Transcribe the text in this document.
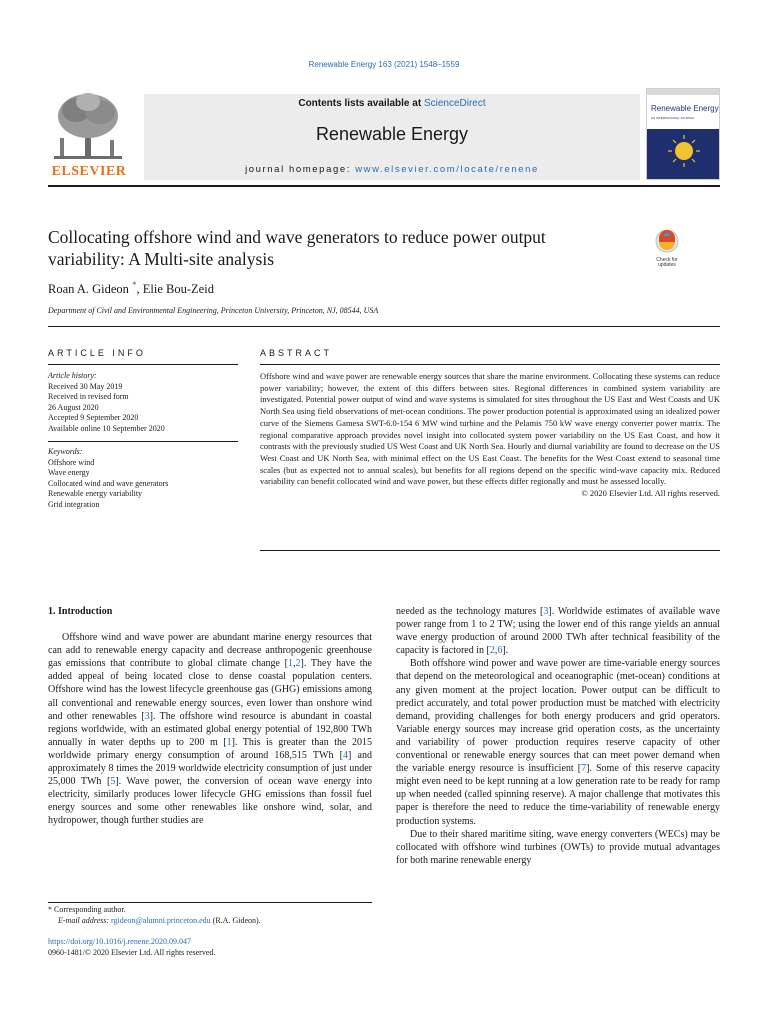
Renewable Energy 163 (2021) 1548–1559
ELSEVIER
Contents lists available at ScienceDirect
Renewable Energy
journal homepage: www.elsevier.com/locate/renene
Renewable Energy
AN INTERNATIONAL JOURNAL
Collocating offshore wind and wave generators to reduce power output variability: A Multi-site analysis	Check for
updates
Roan A. Gideon *, Elie Bou-Zeid
Department of Civil and Environmental Engineering, Princeton University, Princeton, NJ, 08544, USA
ARTICLE INFO	ABSTRACT
Article history:
Received 30 May 2019
Received in revised form
26 August 2020
Accepted 9 September 2020
Available online 10 September 2020
Keywords:
Offshore wind
Wave energy
Collocated wind and wave generators
Renewable energy variability
Grid integration

Offshore wind and wave power are renewable energy sources that share the marine environment. Collocating these systems can reduce power variability; however, the extent of this differs between sites. Regional differences in combined system variability are investigated. Potential power output of wind and wave systems is simulated for sites throughout the US East and West Coasts and UK North Sea using field observations of met-ocean conditions. The power production potential is approximated using an idealized power curve of the Siemens Gamesa SWT-6.0-154 6 MW wind turbine and the Pelamis 750 kW wave energy converter power matrix. The regional comparative approach provides novel insight into collocated system power variability on the US East Coast, and how it contrasts with the previously studied US West Coast and UK North Sea. Hourly and diurnal variability are found to decrease on the US West Coast and UK North Sea, with minimal effect on the US East Coast. The benefits for the West Coast extend to seasonal time scales (but as expected not to annual scales), but benefits for all regions depend on the specific wind-wave capacity mix. Reduced variability can benefit collocated wind and wave power, but these effects differ regionally and must be assessed locally.

© 2020 Elsevier Ltd. All rights reserved.

1. Introduction

Offshore wind and wave power are abundant marine energy resources that can add to renewable energy capacity and decrease anthropogenic greenhouse gas emissions that contribute to global climate change [1,2]. They have the added appeal of being located close to dense coastal population centers. Offshore wind has the lowest lifecycle greenhouse gas (GHG) emissions among all conventional and renewable energy sources, even lower than onshore wind and other renewables [3]. The offshore wind resource is abundant in coastal regions worldwide, with an estimated global energy potential of 192,800 TWh annually in water depths up to 200 m [1]. This is greater than the 2015 worldwide primary energy consumption of around 168,515 TWh [4] and approximately 8 times the 2019 worldwide electricity consumption of just under 25,000 TWh [5]. Wave power, the conversion of ocean wave energy into electricity, similarly produces lower lifecycle GHG emissions than fossil fuel energy sources and some other renewables like onshore wind, solar, and hydropower, though further studies are

needed as the technology matures [3]. Worldwide estimates of available wave power range from 1 to 2 TW; using the lower end of this range yields an annual wave energy production of around 2000 TWh after technical feasibility of the capacity is factored in [2,6].

Both offshore wind power and wave power are time-variable energy sources that depend on the meteorological and oceanographic (met-ocean) conditions at any given moment at the project location. Power output can be difficult to predict accurately, and total power production must be matched with electricity demand, providing challenges for both energy producers and grid operators. Variable energy sources may increase grid operation costs, as the uncertainty and variability of power production requires reserve capacity of other conventional or renewable energy sources that can meet power demand when the variable energy resource is insufficient [7]. Some of this reserve capacity might even need to be kept running at a low generation rate to be ready for ramp up when needed (called spinning reserve). A major challenge that motivates this paper is therefore the need to reduce the time-variability of renewable energy production systems.

Due to their shared maritime siting, wave energy converters (WECs) may be collocated with offshore wind turbines (OWTs) to provide mutual advantages for both marine renewable energy

* Corresponding author.
E-mail address: rgideon@alumni.princeton.edu (R.A. Gideon).
https://doi.org/10.1016/j.renene.2020.09.047
0960-1481/© 2020 Elsevier Ltd. All rights reserved.
